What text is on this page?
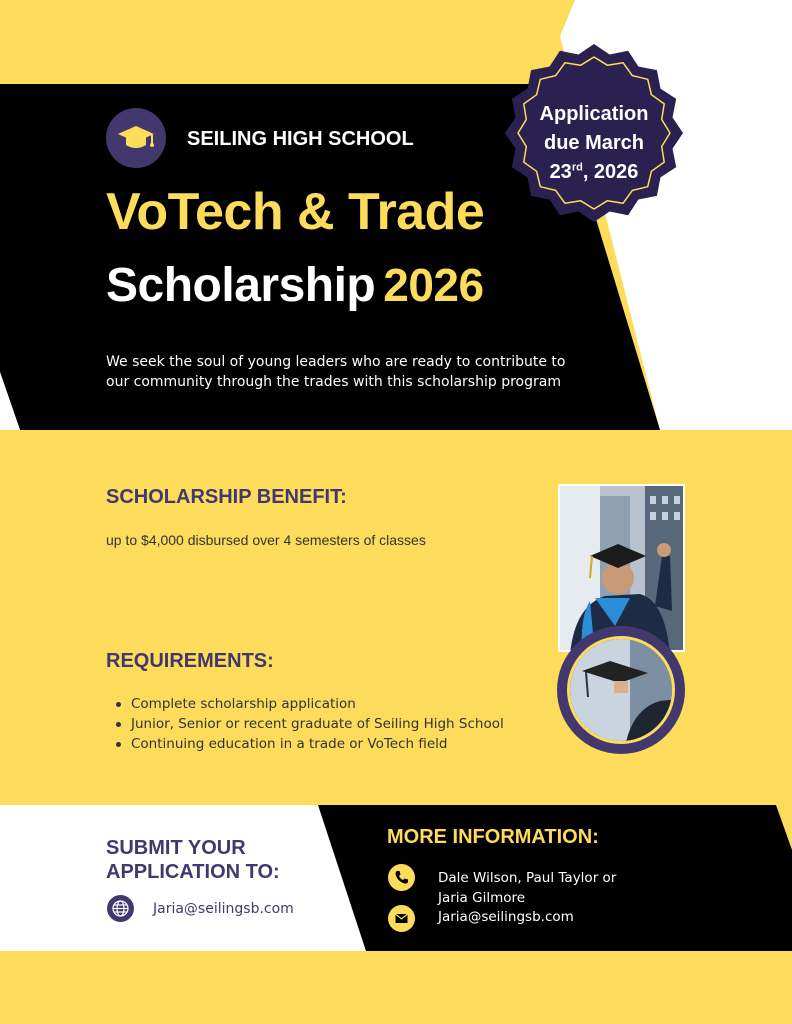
SEILING HIGH SCHOOL
VoTech & Trade
Scholarship 2026
We seek the soul of young leaders who are ready to contribute to our community through the trades with this scholarship program
Application
due March
23rd, 2026
SCHOLARSHIP BENEFIT:
up to $4,000 disbursed over 4 semesters of classes
REQUIREMENTS:
Complete scholarship application
Junior, Senior or recent graduate of Seiling High School
Continuing education in a trade or VoTech field
SUBMIT YOUR APPLICATION TO:
Jaria@seilingsb.com
MORE INFORMATION:
Dale Wilson, Paul Taylor or Jaria Gilmore
Jaria@seilingsb.com
